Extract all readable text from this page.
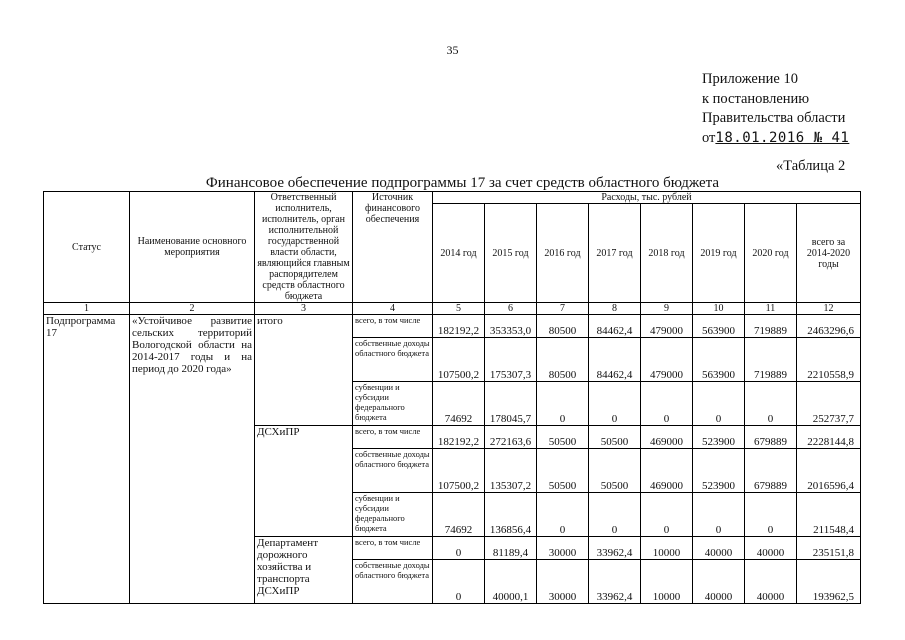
35
Приложение 10
к постановлению
Правительства области
от18.01.2016 № 41
«Таблица 2
Финансовое обеспечение подпрограммы 17 за счет средств областного бюджета
Статус	Наименование основного мероприятия	Ответственный исполнитель, исполнитель, орган исполнительной государственной власти области, являющийся главным распорядителем средств областного бюджета	Источник финансового обеспечения	Расходы, тыс. рублей							
				2014 год	2015 год	2016 год	2017 год	2018 год	2019 год	2020 год	всего за 2014-2020 годы
1	2	3	4	5	6	7	8	9	10	11	12
Подпрограмма 17	«Устойчивое развитие сельских территорий Вологодской области на 2014-2017 годы и на период до 2020 года»	итого	всего, в том числе	182192,2	353353,0	80500	84462,4	479000	563900	719889	2463296,6
			собственные доходы областного бюджета	107500,2	175307,3	80500	84462,4	479000	563900	719889	2210558,9
			субвенции и субсидии федерального бюджета	74692	178045,7	0	0	0	0	0	252737,7
		ДСХиПР	всего, в том числе	182192,2	272163,6	50500	50500	469000	523900	679889	2228144,8
			собственные доходы областного бюджета	107500,2	135307,2	50500	50500	469000	523900	679889	2016596,4
			субвенции и субсидии федерального бюджета	74692	136856,4	0	0	0	0	0	211548,4
		Департамент дорожного хозяйства и транспорта ДСХиПР	всего, в том числе	0	81189,4	30000	33962,4	10000	40000	40000	235151,8
			собственные доходы областного бюджета	0	40000,1	30000	33962,4	10000	40000	40000	193962,5
